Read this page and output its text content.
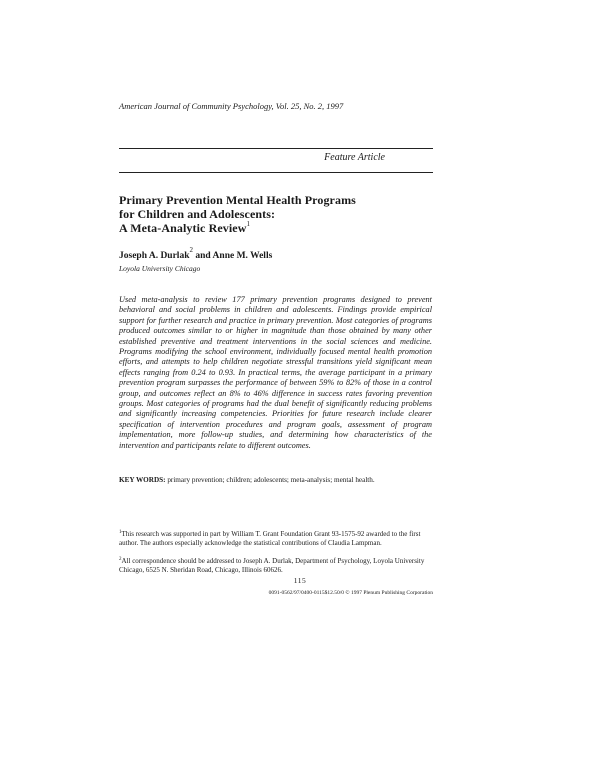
American Journal of Community Psychology, Vol. 25, No. 2, 1997
Feature Article
Primary Prevention Mental Health Programs
for Children and Adolescents:
A Meta-Analytic Review$^1$
Joseph A. Durlak$^2$ and Anne M. Wells
Loyola University Chicago
Used meta-analysis to review 177 primary prevention programs designed to prevent behavioral and social problems in children and adolescents. Findings provide empirical support for further research and practice in primary prevention. Most categories of programs produced outcomes similar to or higher in magnitude than those obtained by many other established preventive and treatment interventions in the social sciences and medicine. Programs modifying the school environment, individually focused mental health promotion efforts, and attempts to help children negotiate stressful transitions yield significant mean effects ranging from 0.24 to 0.93. In practical terms, the average participant in a primary prevention program surpasses the performance of between 59% to 82% of those in a control group, and outcomes reflect an 8% to 46% difference in success rates favoring prevention groups. Most categories of programs had the dual benefit of significantly reducing problems and significantly increasing competencies. Priorities for future research include clearer specification of intervention procedures and program goals, assessment of program implementation, more follow-up studies, and determining how characteristics of the intervention and participants relate to different outcomes.
KEY WORDS: primary prevention; children; adolescents; meta-analysis; mental health.
$^1$This research was supported in part by William T. Grant Foundation Grant 93-1575-92 awarded to the first author. The authors especially acknowledge the statistical contributions of Claudia Lampman.
$^2$All correspondence should be addressed to Joseph A. Durlak, Department of Psychology, Loyola University Chicago, 6525 N. Sheridan Road, Chicago, Illinois 60626.
115
0091-0562/97/0400-0115$12.50/0 © 1997 Plenum Publishing Corporation
